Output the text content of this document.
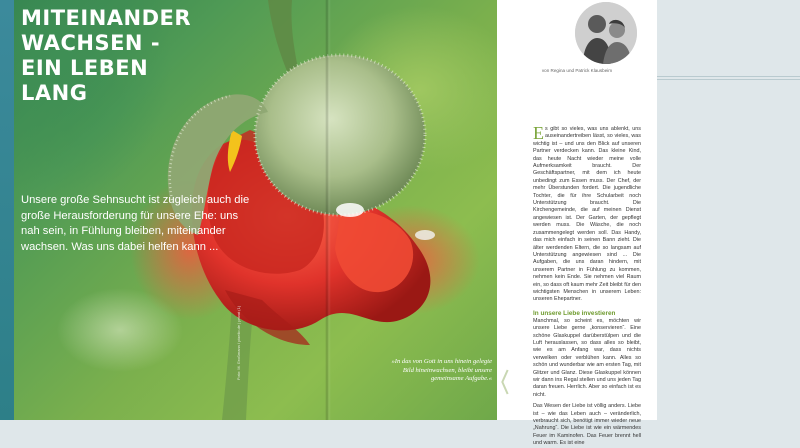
MITEINANDER
WACHSEN -
EIN LEBEN
LANG

Unsere große Sehnsucht ist zugleich auch die große Herausforderung für unsere Ehe: uns nah sein, in Fühlung bleiben, miteinander wachsen. Was uns dabei helfen kann ...

»In das von Gott in uns hinein gelegte Bild hineinwachsen, bleibt unsere gemeinsame Aufgabe.«

Foto: M. Großmann / pixelio.de | privat (1)

von Regina und Patrick Klausbeim

Es gibt so vieles, was uns ablenkt, uns auseinandertreiben lässt, so vieles, was wichtig ist – und uns den Blick auf unseren Partner verdecken kann. Das kleine Kind, das heute Nacht wieder meine volle Aufmerksamkeit braucht. Der Geschäftspartner, mit dem ich heute unbedingt zum Essen muss. Der Chef, der mehr Überstunden fordert. Die jugendliche Tochter, die für ihre Schularbeit noch Unterstützung braucht. Die Kirchengemeinde, die auf meinen Dienst angewiesen ist. Der Garten, der gepflegt werden muss. Die Wäsche, die noch zusammengelegt werden soll. Das Handy, das mich einfach in seinen Bann zieht. Die älter werdenden Eltern, die so langsam auf Unterstützung angewiesen sind ... Die Aufgaben, die uns daran hindern, mit unserem Partner in Fühlung zu kommen, nehmen kein Ende. Sie nehmen viel Raum ein, so dass oft kaum mehr Zeit bleibt für den wichtigsten Menschen in unserem Leben: unseren Ehepartner.

In unsere Liebe investieren

Manchmal, so scheint es, möchten wir unsere Liebe gerne „konservieren“. Eine schöne Glaskuppel darüberstülpen und die Luft herauslassen, so dass alles so bleibt, wie es am Anfang war, dass nichts verwelken oder verblühen kann. Alles so schön und wunderbar wie am ersten Tag, mit Glitzer und Glanz. Diese Glaskuppel können wir dann ins Regal stellen und uns jeden Tag daran freuen. Herrlich. Aber so einfach ist es nicht.

Das Wesen der Liebe ist völlig anders. Liebe ist – wie das Leben auch – veränderlich, verbraucht sich, benötigt immer wieder neue „Nahrung“. Die Liebe ist wie ein wärmendes Feuer im Kaminofen. Das Feuer brennt hell und warm. Es ist eine
